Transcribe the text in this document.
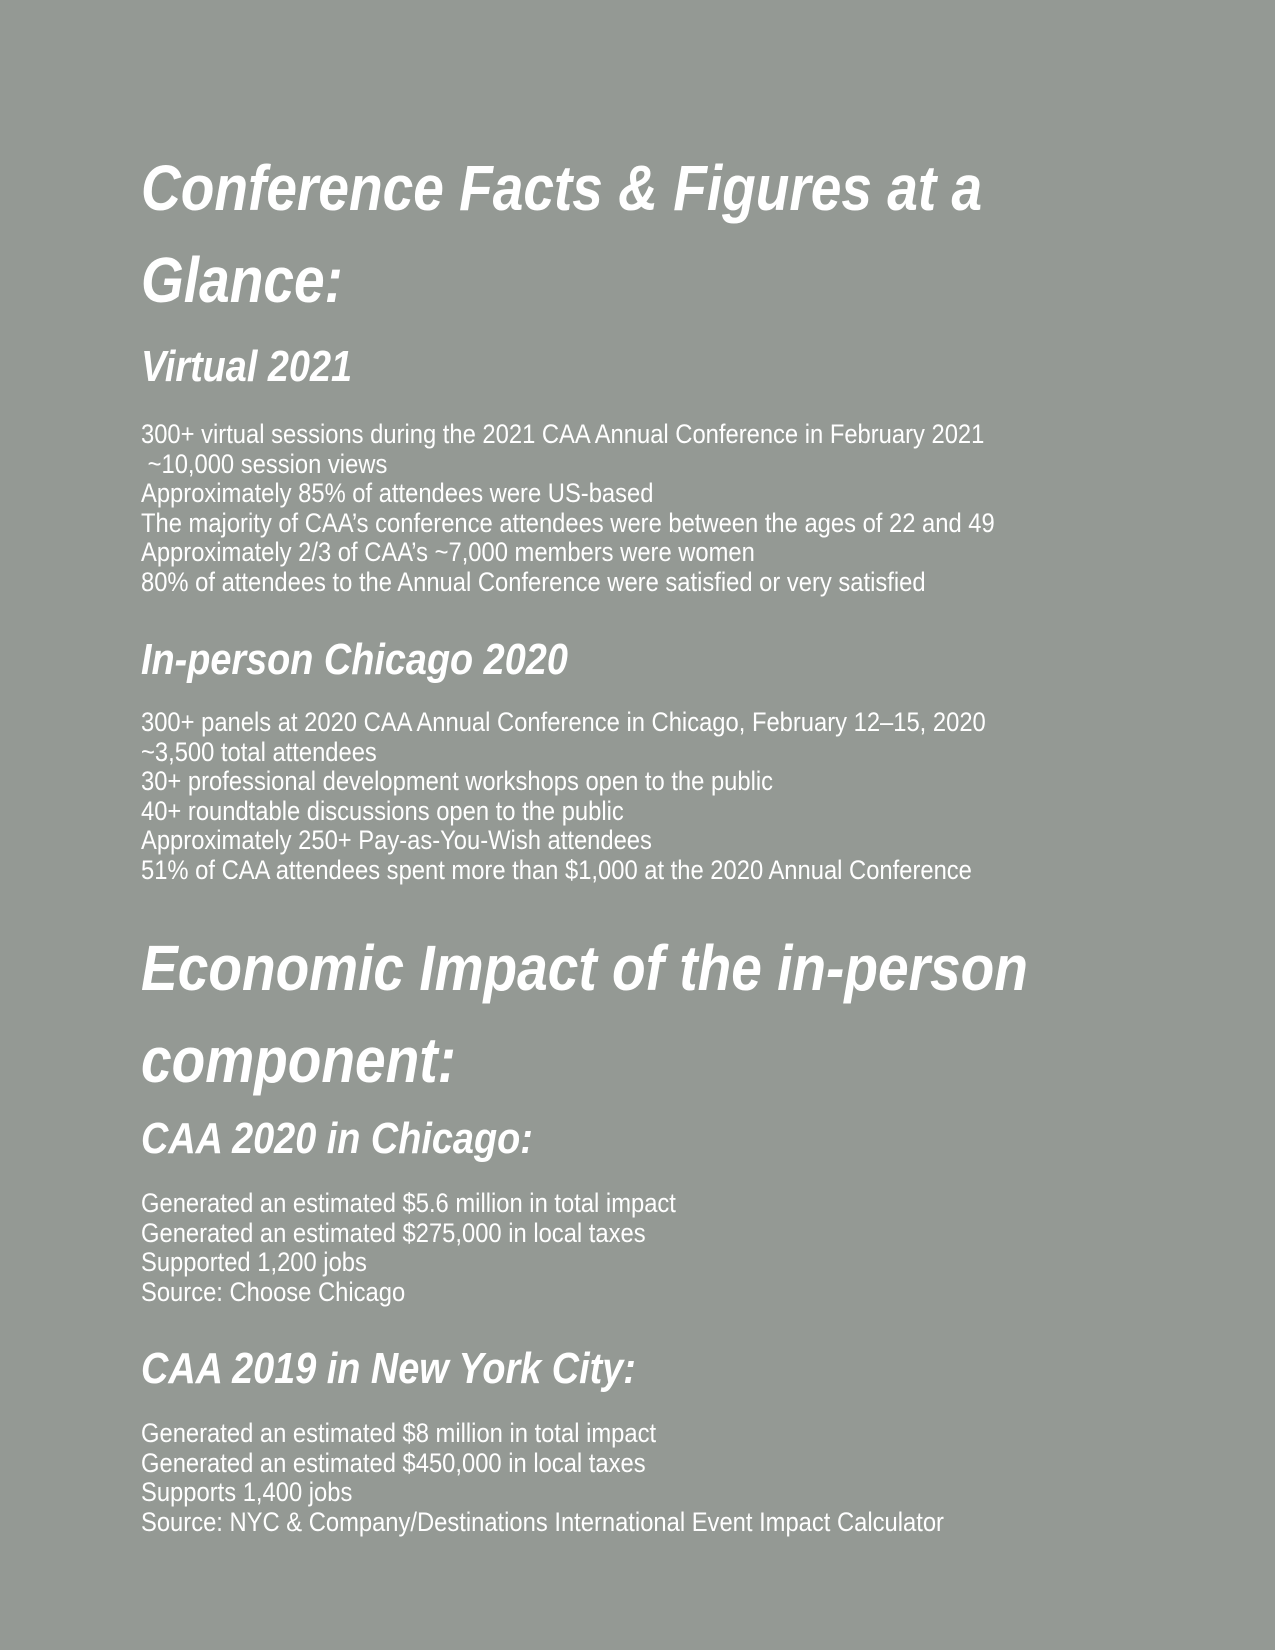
Conference Facts & Figures at a
Glance:
Virtual 2021
300+ virtual sessions during the 2021 CAA Annual Conference in February 2021
~10,000 session views
Approximately 85% of attendees were US-based
The majority of CAA’s conference attendees were between the ages of 22 and 49
Approximately 2/3 of CAA’s ~7,000 members were women
80% of attendees to the Annual Conference were satisfied or very satisfied
In-person Chicago 2020
300+ panels at 2020 CAA Annual Conference in Chicago, February 12–15, 2020
~3,500 total attendees
30+ professional development workshops open to the public
40+ roundtable discussions open to the public
Approximately 250+ Pay-as-You-Wish attendees
51% of CAA attendees spent more than $1,000 at the 2020 Annual Conference
Economic Impact of the in-person
component:
CAA 2020 in Chicago:
Generated an estimated $5.6 million in total impact
Generated an estimated $275,000 in local taxes
Supported 1,200 jobs
Source: Choose Chicago
CAA 2019 in New York City:
Generated an estimated $8 million in total impact
Generated an estimated $450,000 in local taxes
Supports 1,400 jobs
Source: NYC & Company/Destinations International Event Impact Calculator
